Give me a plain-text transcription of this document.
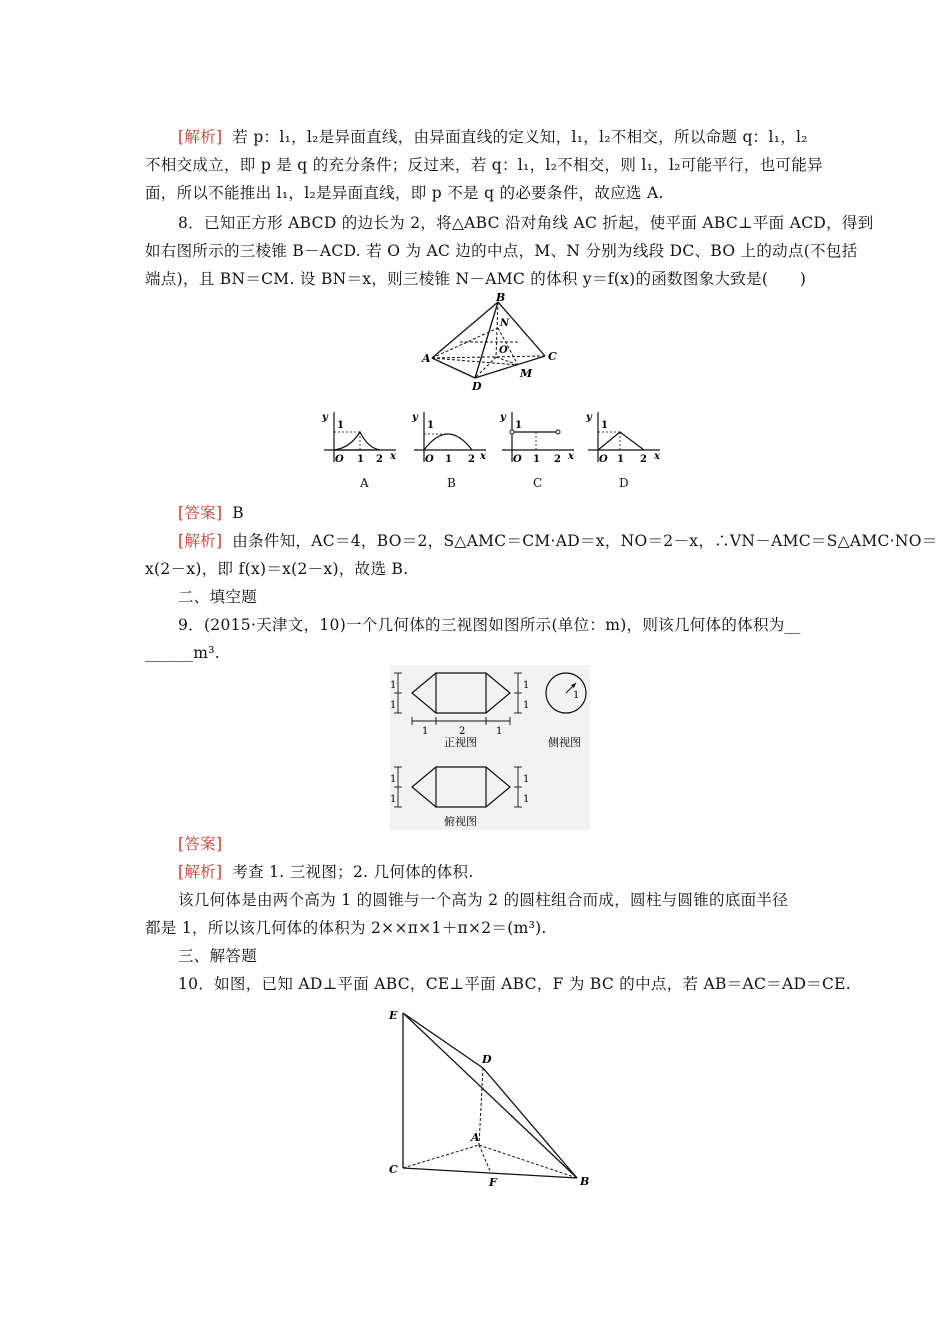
[解析] 若 p：l₁，l₂是异面直线，由异面直线的定义知，l₁，l₂不相交，所以命题 q：l₁，l₂
不相交成立，即 p 是 q 的充分条件；反过来，若 q：l₁，l₂不相交，则 l₁，l₂可能平行，也可能异
面，所以不能推出 l₁，l₂是异面直线，即 p 不是 q 的必要条件，故应选 A.
8．已知正方形 ABCD 的边长为 2，将△ABC 沿对角线 AC 折起，使平面 ABC⊥平面 ACD，得到
如右图所示的三棱锥 B－ACD. 若 O 为 AC 边的中点，M、N 分别为线段 DC、BO 上的动点(不包括
端点)，且 BN＝CM. 设 BN＝x，则三棱锥 N－AMC 的体积 y＝f(x)的函数图象大致是(　　)
B
N
O
A	C
D
M
y
1
O 1 2 x
y
1
O 1 2 x
y
1
O 1 2 x
y
1
O 1 2 x
A	B	C	D
[答案] B
[解析] 由条件知，AC＝4，BO＝2，S△AMC＝CM·AD＝x，NO＝2－x，∴VN－AMC＝S△AMC·NO＝
x(2－x)，即 f(x)＝x(2－x)，故选 B.
二、填空题
9．(2015·天津文，10)一个几何体的三视图如图所示(单位：m)，则该几何体的体积为__
______m³.
1
1
1
1
1	2	1
正视图
1
侧视图
1
1
1
1
俯视图
[答案]
[解析] 考查 1. 三视图；2. 几何体的体积.
该几何体是由两个高为 1 的圆锥与一个高为 2 的圆柱组合而成，圆柱与圆锥的底面半径
都是 1，所以该几何体的体积为 2××π×1＋π×2＝(m³).
三、解答题
10．如图，已知 AD⊥平面 ABC，CE⊥平面 ABC，F 为 BC 的中点，若 AB＝AC＝AD＝CE.
E
D
A
C
F	B
